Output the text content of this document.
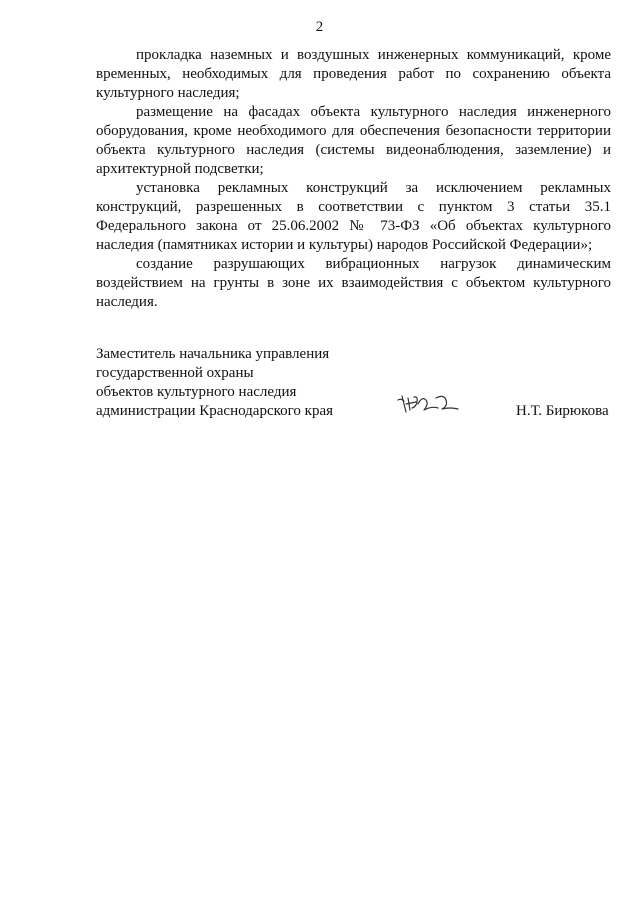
2

прокладка наземных и воздушных инженерных коммуникаций, кроме временных, необходимых для проведения работ по сохранению объекта культурного наследия;

размещение на фасадах объекта культурного наследия инженерного оборудования, кроме необходимого для обеспечения безопасности территории объекта культурного наследия (системы видеонаблюдения, заземление) и архитектурной подсветки;

установка рекламных конструкций за исключением рекламных конструкций, разрешенных в соответствии с пунктом 3 статьи 35.1 Федерального закона от 25.06.2002 № 73-ФЗ «Об объектах культурного наследия (памятниках истории и культуры) народов Российской Федерации»;

создание разрушающих вибрационных нагрузок динамическим воздействием на грунты в зоне их взаимодействия с объектом культурного наследия.

Заместитель начальника управления
государственной охраны
объектов культурного наследия
администрации Краснодарского края	Н.Т. Бирюкова
